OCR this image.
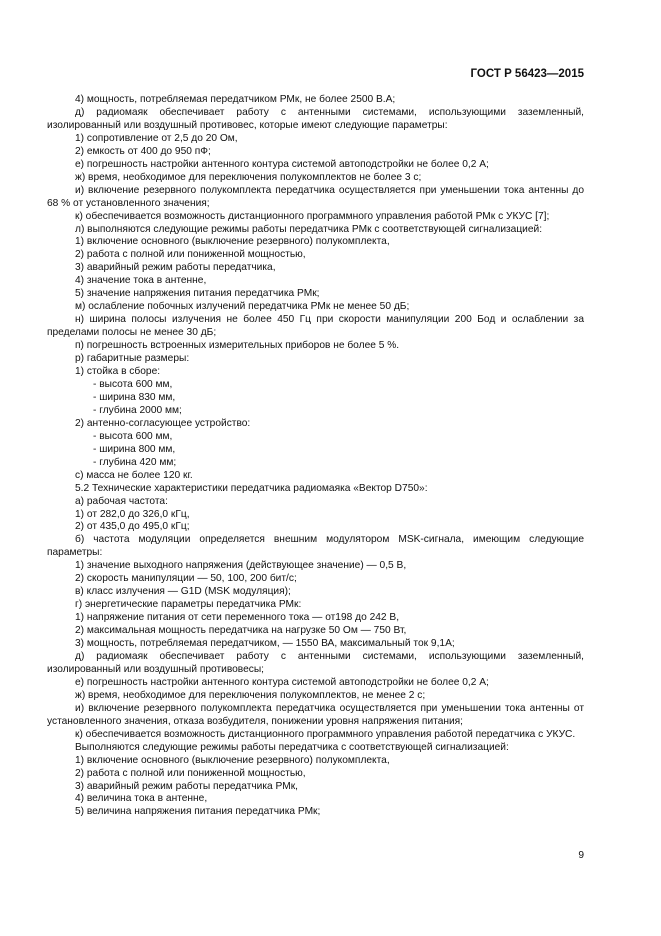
ГОСТ Р 56423—2015

4) мощность, потребляемая передатчиком РМк, не более 2500 В.А;

д) радиомаяк обеспечивает работу с антенными системами, использующими заземленный, изолированный или воздушный противовес, которые имеют следующие параметры:

1) сопротивление от 2,5 до 20 Ом,

2) емкость от 400 до 950 пФ;

е) погрешность настройки антенного контура системой автоподстройки не более 0,2 А;

ж) время, необходимое для переключения полукомплектов не более 3 с;

и) включение резервного полукомплекта передатчика осуществляется при уменьшении тока антенны до 68 % от установленного значения;

к) обеспечивается возможность дистанционного программного управления работой РМк с УКУС [7];

л) выполняются следующие режимы работы передатчика РМк с соответствующей сигнализацией:

1) включение основного (выключение резервного) полукомплекта,

2) работа с полной или пониженной мощностью,

3) аварийный режим работы передатчика,

4) значение тока в антенне,

5) значение напряжения питания передатчика РМк;

м) ослабление побочных излучений передатчика РМк не менее 50 дБ;

н) ширина полосы излучения не более 450 Гц при скорости манипуляции 200 Бод и ослаблении за пределами полосы не менее 30 дБ;

п) погрешность встроенных измерительных приборов не более 5 %.

р) габаритные размеры:

1) стойка в сборе:

- высота 600 мм,

- ширина 830 мм,

- глубина 2000 мм;

2) антенно-согласующее устройство:

- высота 600 мм,

- ширина 800 мм,

- глубина 420 мм;

с) масса не более 120 кг.

5.2 Технические характеристики передатчика радиомаяка «Вектор D750»:

а) рабочая частота:

1) от 282,0 до 326,0 кГц,

2) от 435,0 до 495,0 кГц;

б) частота модуляции определяется внешним модулятором MSK-сигнала, имеющим следующие параметры:

1) значение выходного напряжения (действующее значение) — 0,5 В,

2) скорость манипуляции — 50, 100, 200 бит/с;

в) класс излучения — G1D (MSK модуляция);

г) энергетические параметры передатчика РМк:

1) напряжение питания от сети переменного тока — от198 до 242 В,

2) максимальная мощность передатчика на нагрузке 50 Ом — 750 Вт,

3) мощность, потребляемая передатчиком, — 1550 ВА, максимальный ток 9,1А;

д) радиомаяк обеспечивает работу с антенными системами, использующими заземленный, изолированный или воздушный противовесы;

е) погрешность настройки антенного контура системой автоподстройки не более 0,2 А;

ж) время, необходимое для переключения полукомплектов, не менее 2 с;

и) включение резервного полукомплекта передатчика осуществляется при уменьшении тока антенны от установленного значения, отказа возбудителя, понижении уровня напряжения питания;

к) обеспечивается возможность дистанционного программного управления работой передатчика с УКУС.

Выполняются следующие режимы работы передатчика с соответствующей сигнализацией:

1) включение основного (выключение резервного) полукомплекта,

2) работа с полной или пониженной мощностью,

3) аварийный режим работы передатчика РМк,

4) величина тока в антенне,

5) величина напряжения питания передатчика РМк;

9
